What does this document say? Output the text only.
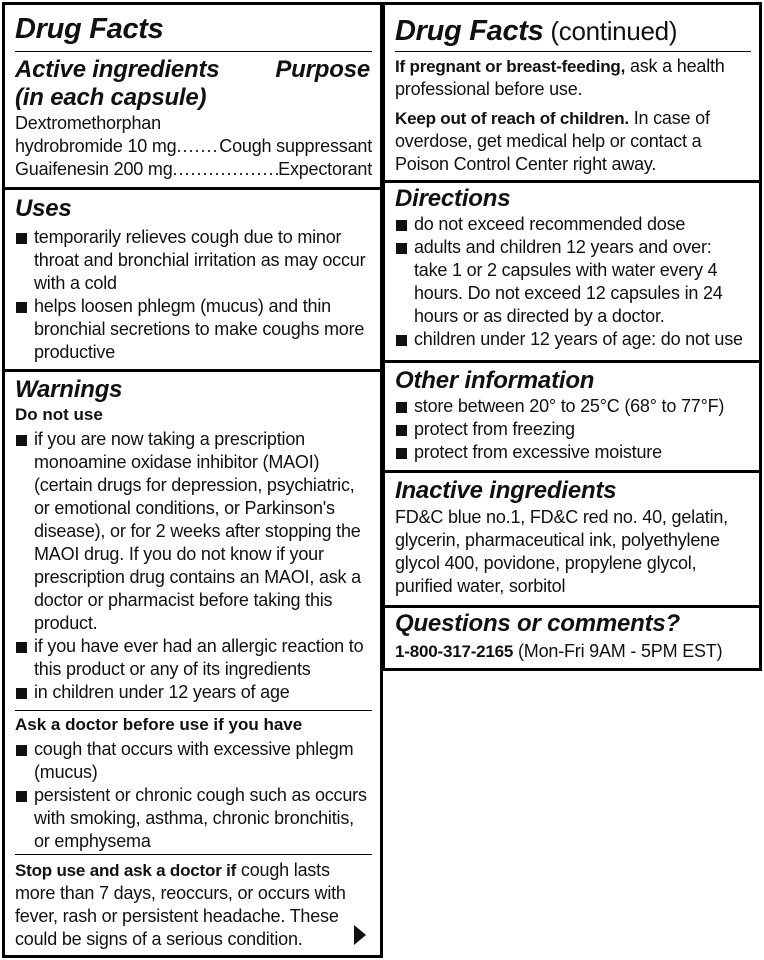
Drug Facts
Active ingredients Purpose
(in each capsule)
Dextromethorphan
hydrobromide 10 mg ..... Cough suppressant
Guaifenesin 200 mg .....	Expectorant
Uses
temporarily relieves cough due to minor throat and bronchial irritation as may occur with a cold
helps loosen phlegm (mucus) and thin bronchial secretions to make coughs more productive
Warnings
Do not use
if you are now taking a prescription monoamine oxidase inhibitor (MAOI) (certain drugs for depression, psychiatric, or emotional conditions, or Parkinson's disease), or for 2 weeks after stopping the MAOI drug. If you do not know if your prescription drug contains an MAOI, ask a doctor or pharmacist before taking this product.
if you have ever had an allergic reaction to this product or any of its ingredients
in children under 12 years of age
Ask a doctor before use if you have
cough that occurs with excessive phlegm (mucus)
persistent or chronic cough such as occurs with smoking, asthma, chronic bronchitis, or emphysema
Stop use and ask a doctor if cough lasts more than 7 days, reoccurs, or occurs with fever, rash or persistent headache. These could be signs of a serious condition.
Drug Facts (continued)
If pregnant or breast-feeding, ask a health professional before use.
Keep out of reach of children. In case of overdose, get medical help or contact a Poison Control Center right away.
Directions
do not exceed recommended dose
adults and children 12 years and over: take 1 or 2 capsules with water every 4 hours. Do not exceed 12 capsules in 24 hours or as directed by a doctor.
children under 12 years of age: do not use
Other information
store between 20° to 25°C (68° to 77°F)
protect from freezing
protect from excessive moisture
Inactive ingredients
FD&C blue no.1, FD&C red no. 40, gelatin, glycerin, pharmaceutical ink, polyethylene glycol 400, povidone, propylene glycol, purified water, sorbitol
Questions or comments?
1-800-317-2165 (Mon-Fri 9AM - 5PM EST)
